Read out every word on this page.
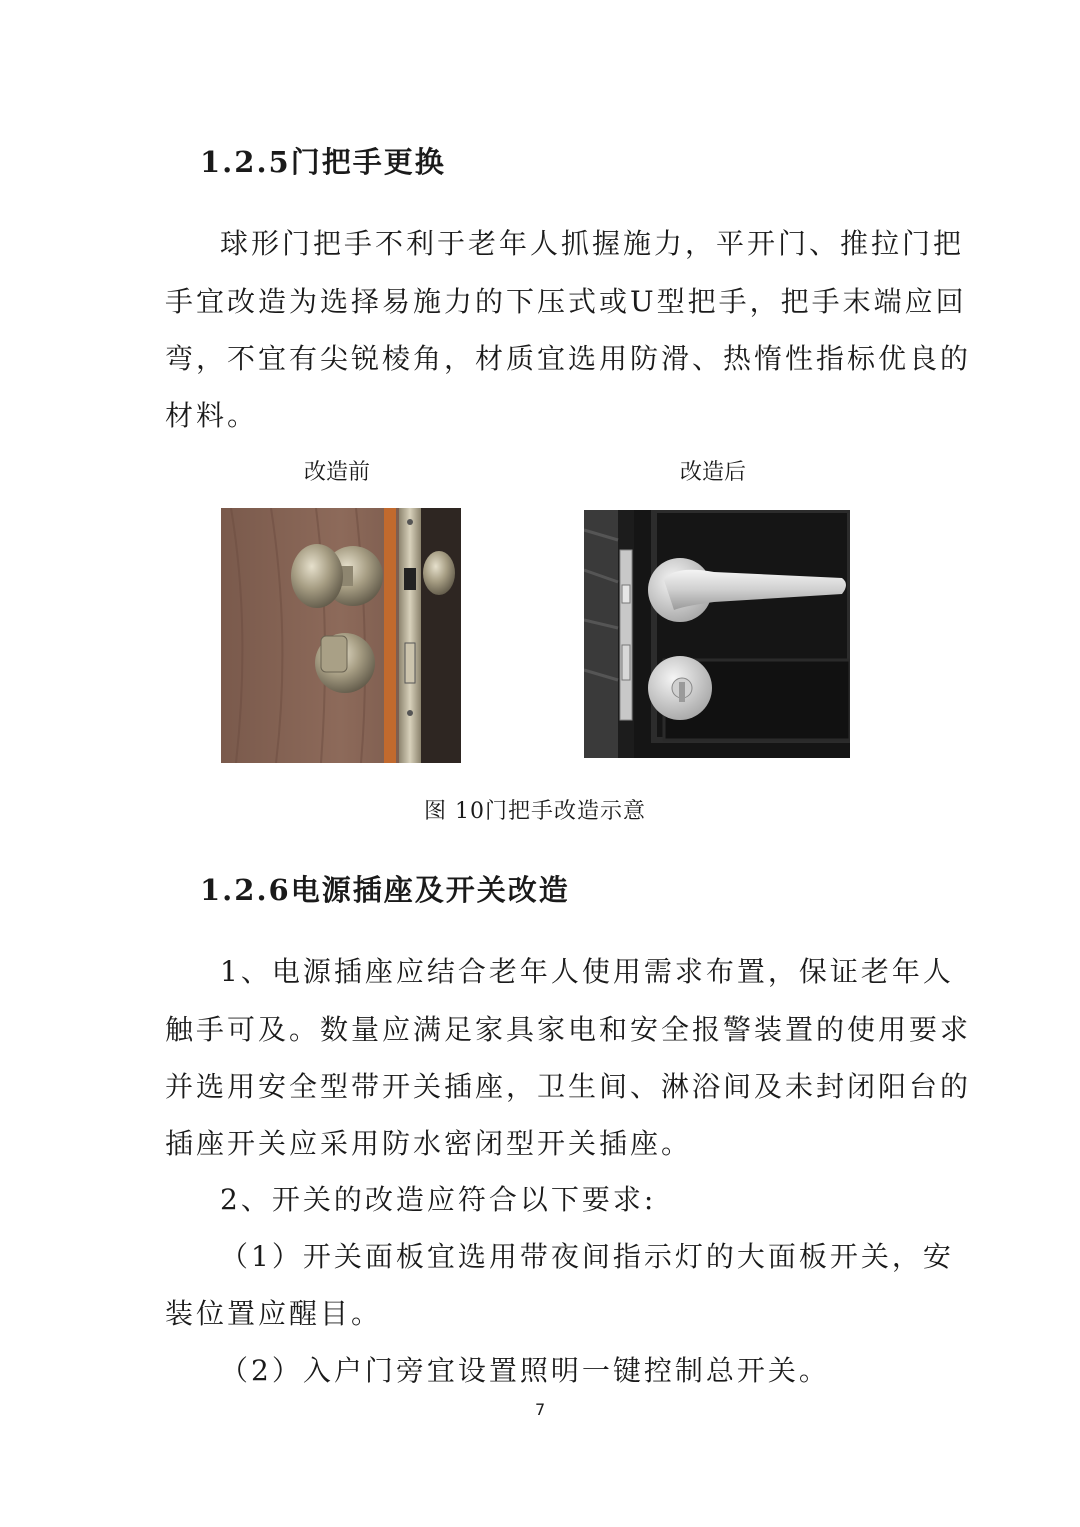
1.2.5门把手更换
球形门把手不利于老年人抓握施力，平开门、推拉门把
手宜改造为选择易施力的下压式或U型把手，把手末端应回
弯，不宜有尖锐棱角，材质宜选用防滑、热惰性指标优良的
材料。
改造前	改造后
图 10门把手改造示意
1.2.6电源插座及开关改造
1、电源插座应结合老年人使用需求布置，保证老年人
触手可及。数量应满足家具家电和安全报警装置的使用要求
并选用安全型带开关插座，卫生间、淋浴间及未封闭阳台的
插座开关应采用防水密闭型开关插座。
2、开关的改造应符合以下要求:
（1）开关面板宜选用带夜间指示灯的大面板开关，安
装位置应醒目。
（2）入户门旁宜设置照明一键控制总开关。
7
